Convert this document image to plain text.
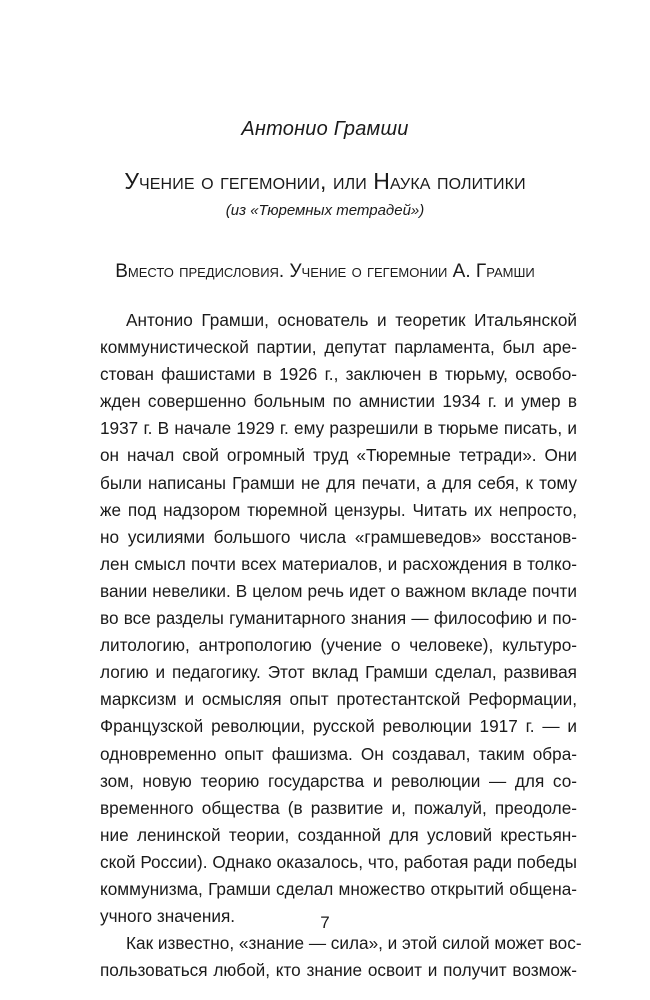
Антонио Грамши
Учение о гегемонии, или Наука политики
(из «Тюремных тетрадей»)
Вместо предисловия. Учение о гегемонии А. Грамши
Антонио Грамши, основатель и теоретик Итальянской
коммунистической партии, депутат парламента, был аре-
стован фашистами в 1926 г., заключен в тюрьму, освобо-
жден совершенно больным по амнистии 1934 г. и умер в
1937 г. В начале 1929 г. ему разрешили в тюрьме писать, и
он начал свой огромный труд «Тюремные тетради». Они
были написаны Грамши не для печати, а для себя, к тому
же под надзором тюремной цензуры. Читать их непросто,
но усилиями большого числа «грамшеведов» восстанов-
лен смысл почти всех материалов, и расхождения в толко-
вании невелики. В целом речь идет о важном вкладе почти
во все разделы гуманитарного знания — философию и по-
литологию, антропологию (учение о человеке), культуро-
логию и педагогику. Этот вклад Грамши сделал, развивая
марксизм и осмысляя опыт протестантской Реформации,
Французской революции, русской революции 1917 г. — и
одновременно опыт фашизма. Он создавал, таким обра-
зом, новую теорию государства и революции — для со-
временного общества (в развитие и, пожалуй, преодоле-
ние ленинской теории, созданной для условий крестьян-
ской России). Однако оказалось, что, работая ради победы
коммунизма, Грамши сделал множество открытий общена-
учного значения.
Как известно, «знание — сила», и этой силой может вос-
пользоваться любой, кто знание освоит и получит возмож-
7
